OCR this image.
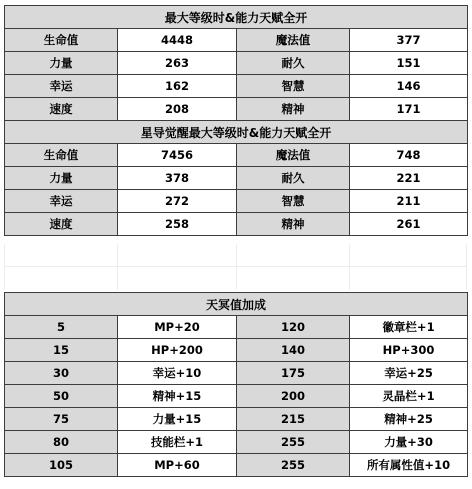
最大等级时&能力天赋全开			
生命值	4448	魔法值	377
力量	263	耐久	151
幸运	162	智慧	146
速度	208	精神	171
星导觉醒最大等级时&能力天赋全开			
生命值	7456	魔法值	748
力量	378	耐久	221
幸运	272	智慧	211
速度	258	精神	261
天冥值加成			
5	MP+20	120	徽章栏+1
15	HP+200	140	HP+300
30	幸运+10	175	幸运+25
50	精神+15	200	灵晶栏+1
75	力量+15	215	精神+25
80	技能栏+1	255	力量+30
105	MP+60	255	所有属性值+10
